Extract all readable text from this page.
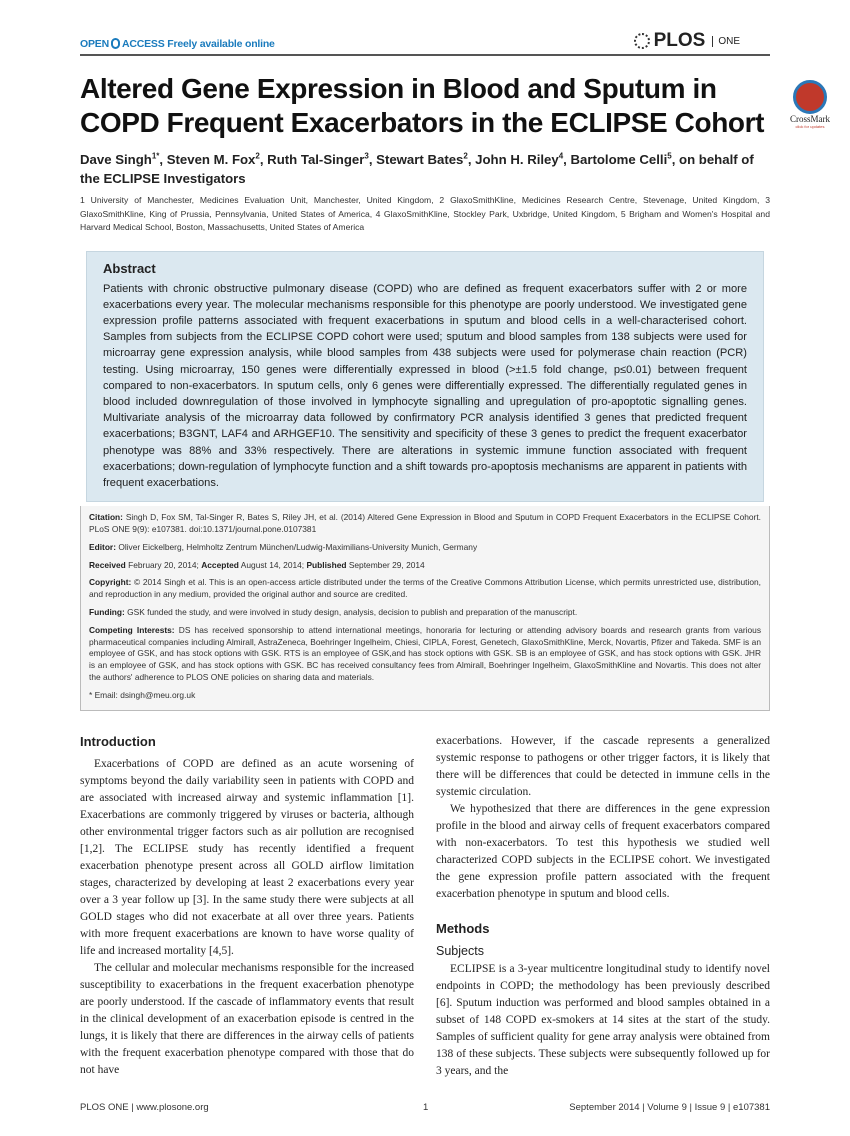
OPEN ACCESS Freely available online	PLOS	ONE
Altered Gene Expression in Blood and Sputum in COPD Frequent Exacerbators in the ECLIPSE Cohort	CrossMark
click for updates
Dave Singh$^{1*}$, Steven M. Fox$^2$, Ruth Tal-Singer$^3$, Stewart Bates$^2$, John H. Riley$^4$, Bartolome Celli$^5$, on behalf of the ECLIPSE Investigators
1 University of Manchester, Medicines Evaluation Unit, Manchester, United Kingdom, 2 GlaxoSmithKline, Medicines Research Centre, Stevenage, United Kingdom, 3 GlaxoSmithKline, King of Prussia, Pennsylvania, United States of America, 4 GlaxoSmithKline, Stockley Park, Uxbridge, United Kingdom, 5 Brigham and Women's Hospital and Harvard Medical School, Boston, Massachusetts, United States of America
Abstract

Patients with chronic obstructive pulmonary disease (COPD) who are defined as frequent exacerbators suffer with 2 or more exacerbations every year. The molecular mechanisms responsible for this phenotype are poorly understood. We investigated gene expression profile patterns associated with frequent exacerbations in sputum and blood cells in a well-characterised cohort. Samples from subjects from the ECLIPSE COPD cohort were used; sputum and blood samples from 138 subjects were used for microarray gene expression analysis, while blood samples from 438 subjects were used for polymerase chain reaction (PCR) testing. Using microarray, 150 genes were differentially expressed in blood (>±1.5 fold change, p≤0.01) between frequent compared to non-exacerbators. In sputum cells, only 6 genes were differentially expressed. The differentially regulated genes in blood included downregulation of those involved in lymphocyte signalling and upregulation of pro-apoptotic signalling genes. Multivariate analysis of the microarray data followed by confirmatory PCR analysis identified 3 genes that predicted frequent exacerbations; B3GNT, LAF4 and ARHGEF10. The sensitivity and specificity of these 3 genes to predict the frequent exacerbator phenotype was 88% and 33% respectively. There are alterations in systemic immune function associated with frequent exacerbations; down-regulation of lymphocyte function and a shift towards pro-apoptosis mechanisms are apparent in patients with frequent exacerbations.

Citation: Singh D, Fox SM, Tal-Singer R, Bates S, Riley JH, et al. (2014) Altered Gene Expression in Blood and Sputum in COPD Frequent Exacerbators in the ECLIPSE Cohort. PLoS ONE 9(9): e107381. doi:10.1371/journal.pone.0107381

Editor: Oliver Eickelberg, Helmholtz Zentrum München/Ludwig-Maximilians-University Munich, Germany

Received February 20, 2014; Accepted August 14, 2014; Published September 29, 2014

Copyright: © 2014 Singh et al. This is an open-access article distributed under the terms of the Creative Commons Attribution License, which permits unrestricted use, distribution, and reproduction in any medium, provided the original author and source are credited.

Funding: GSK funded the study, and were involved in study design, analysis, decision to publish and preparation of the manuscript.

Competing Interests: DS has received sponsorship to attend international meetings, honoraria for lecturing or attending advisory boards and research grants from various pharmaceutical companies including Almirall, AstraZeneca, Boehringer Ingelheim, Chiesi, CIPLA, Forest, Genetech, GlaxoSmithKline, Merck, Novartis, Pfizer and Takeda. SMF is an employee of GSK, and has stock options with GSK. RTS is an employee of GSK,and has stock options with GSK. SB is an employee of GSK, and has stock options with GSK. JHR is an employee of GSK, and has stock options with GSK. BC has received consultancy fees from Almirall, Boehringer Ingelheim, GlaxoSmithKline and Novartis. This does not alter the authors' adherence to PLOS ONE policies on sharing data and materials.

* Email: dsingh@meu.org.uk

Introduction

Exacerbations of COPD are defined as an acute worsening of symptoms beyond the daily variability seen in patients with COPD and are associated with increased airway and systemic inflammation [1]. Exacerbations are commonly triggered by viruses or bacteria, although other environmental trigger factors such as air pollution are recognised [1,2]. The ECLIPSE study has recently identified a frequent exacerbation phenotype present across all GOLD airflow limitation stages, characterized by developing at least 2 exacerbations every year over a 3 year follow up [3]. In the same study there were subjects at all GOLD stages who did not exacerbate at all over three years. Patients with more frequent exacerbations are known to have worse quality of life and increased mortality [4,5].

The cellular and molecular mechanisms responsible for the increased susceptibility to exacerbations in the frequent exacerbation phenotype are poorly understood. If the cascade of inflammatory events that result in the clinical development of an exacerbation episode is centred in the lungs, it is likely that there are differences in the airway cells of patients with the frequent exacerbation phenotype compared with those that do not have

exacerbations. However, if the cascade represents a generalized systemic response to pathogens or other trigger factors, it is likely that there will be differences that could be detected in immune cells in the systemic circulation.

We hypothesized that there are differences in the gene expression profile in the blood and airway cells of frequent exacerbators compared with non-exacerbators. To test this hypothesis we studied well characterized COPD subjects in the ECLIPSE cohort. We investigated the gene expression profile pattern associated with the frequent exacerbation phenotype in sputum and blood cells.

Methods
Subjects

ECLIPSE is a 3-year multicentre longitudinal study to identify novel endpoints in COPD; the methodology has been previously described [6]. Sputum induction was performed and blood samples obtained in a subset of 148 COPD ex-smokers at 14 sites at the start of the study. Samples of sufficient quality for gene array analysis were obtained from 138 of these subjects. These subjects were subsequently followed up for 3 years, and the

PLOS ONE | www.plosone.org	1	September 2014 | Volume 9 | Issue 9 | e107381
